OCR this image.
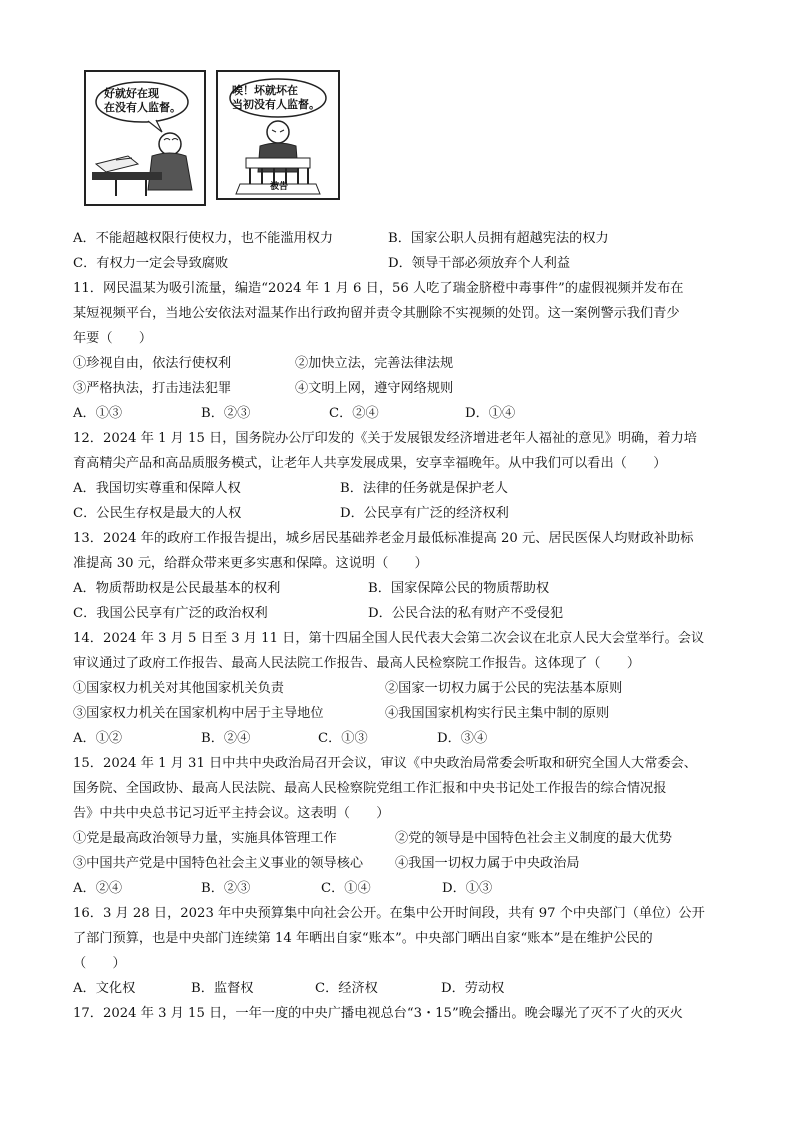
好就好在现
在没有人监督。
唉！坏就坏在
当初没有人监督。
被告
A．不能超越权限行使权力，也不能滥用权力	B．国家公职人员拥有超越宪法的权力
C．有权力一定会导致腐败	D．领导干部必须放弃个人利益
11．网民温某为吸引流量，编造“2024 年 1 月 6 日，56 人吃了瑞金脐橙中毒事件”的虚假视频并发布在
某短视频平台，当地公安依法对温某作出行政拘留并责令其删除不实视频的处罚。这一案例警示我们青少
年要（　　）
①珍视自由，依法行使权利	②加快立法，完善法律法规
③严格执法，打击违法犯罪	④文明上网，遵守网络规则
A．①③	B．②③	C．②④	D．①④
12．2024 年 1 月 15 日，国务院办公厅印发的《关于发展银发经济增进老年人福祉的意见》明确，着力培
育高精尖产品和高品质服务模式，让老年人共享发展成果，安享幸福晚年。从中我们可以看出（　　）
A．我国切实尊重和保障人权	B．法律的任务就是保护老人
C．公民生存权是最大的人权	D．公民享有广泛的经济权利
13．2024 年的政府工作报告提出，城乡居民基础养老金月最低标准提高 20 元、居民医保人均财政补助标
准提高 30 元，给群众带来更多实惠和保障。这说明（　　）
A．物质帮助权是公民最基本的权利	B．国家保障公民的物质帮助权
C．我国公民享有广泛的政治权利	D．公民合法的私有财产不受侵犯
14．2024 年 3 月 5 日至 3 月 11 日，第十四届全国人民代表大会第二次会议在北京人民大会堂举行。会议
审议通过了政府工作报告、最高人民法院工作报告、最高人民检察院工作报告。这体现了（　　）
①国家权力机关对其他国家机关负责	②国家一切权力属于公民的宪法基本原则
③国家权力机关在国家机构中居于主导地位	④我国国家机构实行民主集中制的原则
A．①②	B．②④	C．①③	D．③④
15．2024 年 1 月 31 日中共中央政治局召开会议，审议《中央政治局常委会听取和研究全国人大常委会、
国务院、全国政协、最高人民法院、最高人民检察院党组工作汇报和中央书记处工作报告的综合情况报
告》中共中央总书记习近平主持会议。这表明（　　）
①党是最高政治领导力量，实施具体管理工作	②党的领导是中国特色社会主义制度的最大优势
③中国共产党是中国特色社会主义事业的领导核心 ④我国一切权力属于中央政治局
A．②④	B．②③	C．①④	D．①③
16．3 月 28 日，2023 年中央预算集中向社会公开。在集中公开时间段，共有 97 个中央部门（单位）公开
了部门预算，也是中央部门连续第 14 年晒出自家“账本”。中央部门晒出自家“账本”是在维护公民的
（　　）
A．文化权	B．监督权	C．经济权	D．劳动权
17．2024 年 3 月 15 日，一年一度的中央广播电视总台“3・15”晚会播出。晚会曝光了灭不了火的灭火
